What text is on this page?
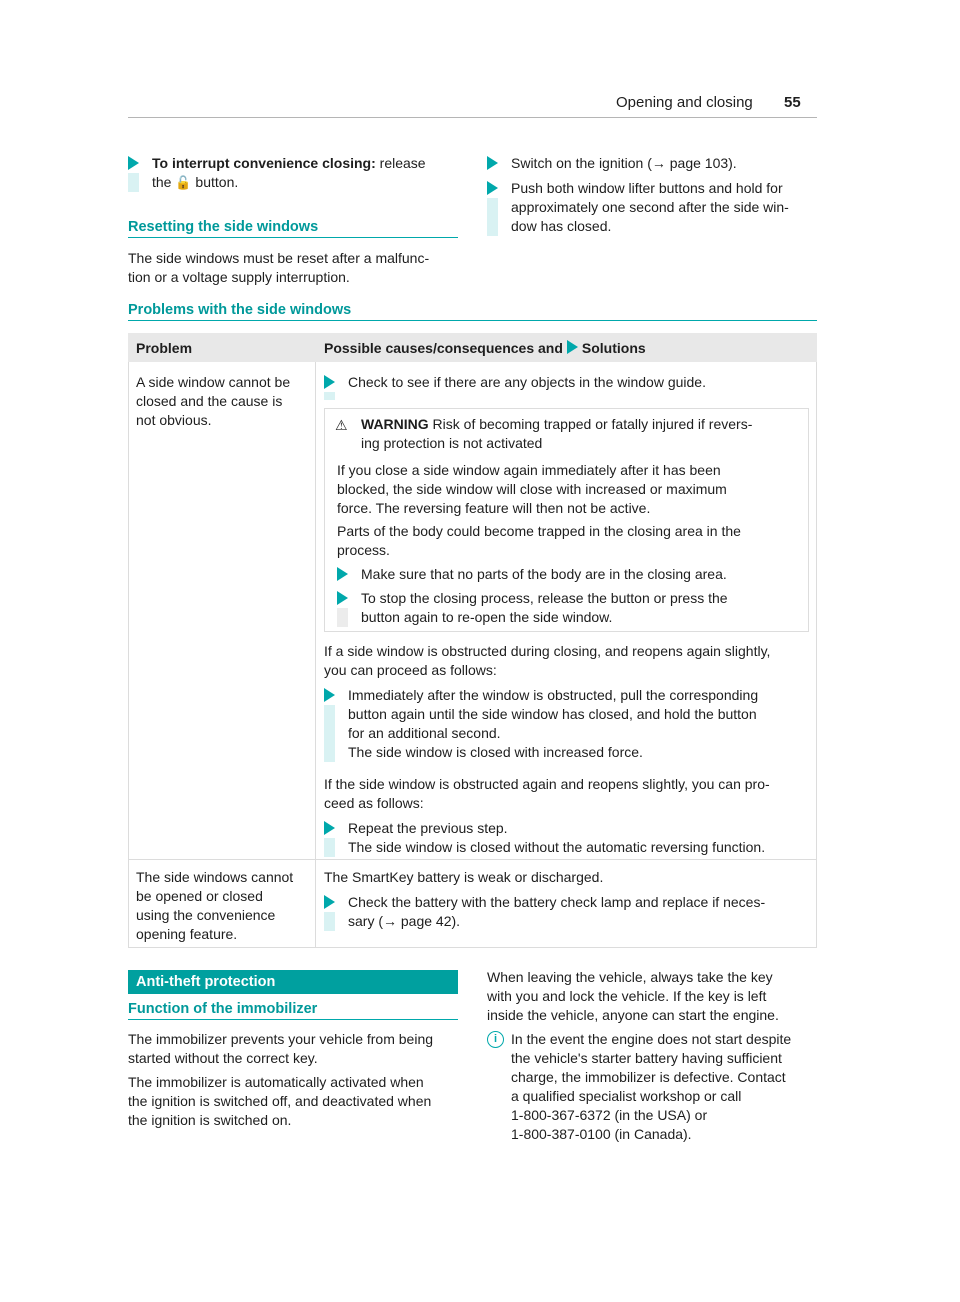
Opening and closing 55
To interrupt convenience closing: release
the 🔓 button.
Resetting the side windows

The side windows must be reset after a malfunc-

tion or a voltage supply interruption.

Switch on the ignition (→ page 103).

Push both window lifter buttons and hold for

approximately one second after the side win-

dow has closed.

Problems with the side windows
Problem	Possible causes/consequences and Solutions

A side window cannot be

closed and the cause is

not obvious.

Check to see if there are any objects in the window guide.
⚠ WARNING Risk of becoming trapped or fatally injured if revers-

ing protection is not activated

If you close a side window again immediately after it has been

blocked, the side window will close with increased or maximum

force. The reversing feature will then not be active.

Parts of the body could become trapped in the closing area in the

process.

Make sure that no parts of the body are in the closing area.

To stop the closing process, release the button or press the

button again to re-open the side window.

If a side window is obstructed during closing, and reopens again slightly,

you can proceed as follows:

Immediately after the window is obstructed, pull the corresponding

button again until the side window has closed, and hold the button

for an additional second.

The side window is closed with increased force.

If the side window is obstructed again and reopens slightly, you can pro-

ceed as follows:

Repeat the previous step.

The side window is closed without the automatic reversing function.

The side windows cannot

be opened or closed

using the convenience

opening feature.

The SmartKey battery is weak or discharged.

Check the battery with the battery check lamp and replace if neces-

sary (→ page 42).

Anti-theft protection
Function of the immobilizer

The immobilizer prevents your vehicle from being

started without the correct key.

The immobilizer is automatically activated when

the ignition is switched off, and deactivated when

the ignition is switched on.

When leaving the vehicle, always take the key

with you and lock the vehicle. If the key is left

inside the vehicle, anyone can start the engine.

i In the event the engine does not start despite

the vehicle's starter battery having sufficient

charge, the immobilizer is defective. Contact

a qualified specialist workshop or call

1-800-367-6372 (in the USA) or

1-800-387-0100 (in Canada).
